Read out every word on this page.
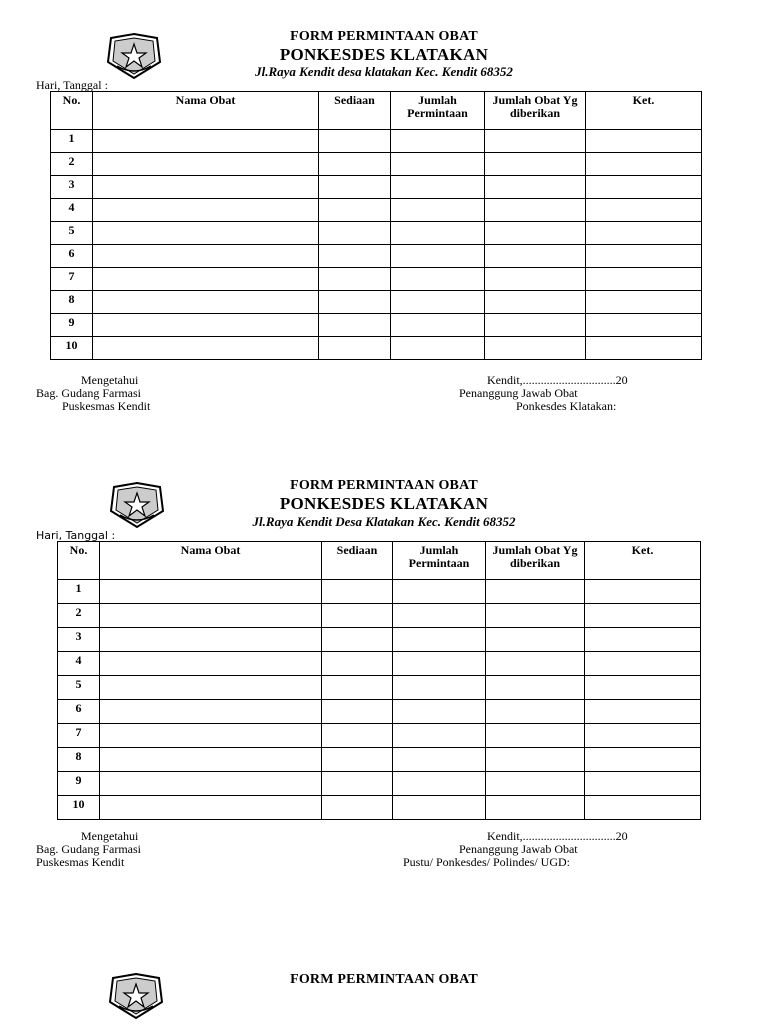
FORM PERMINTAAN OBAT
PONKESDES KLATAKAN
Jl.Raya Kendit desa klatakan Kec. Kendit 68352
Hari, Tanggal :
No.	Nama Obat	Sediaan	Jumlah Permintaan	Jumlah Obat Yg diberikan	Ket.
1					
2					
3					
4					
5					
6					
7					
8					
9					
10					
Mengetahui
Bag. Gudang Farmasi
Puskesmas Kendit
Kendit,...............................20
Penanggung Jawab Obat
Ponkesdes Klatakan:
FORM PERMINTAAN OBAT
PONKESDES KLATAKAN
Jl.Raya Kendit Desa Klatakan Kec. Kendit 68352
Hari, Tanggal :
No.	Nama Obat	Sediaan	Jumlah Permintaan	Jumlah Obat Yg diberikan	Ket.
1					
2					
3					
4					
5					
6					
7					
8					
9					
10					
Mengetahui
Bag. Gudang Farmasi
Puskesmas Kendit
Kendit,...............................20
Penanggung Jawab Obat
Pustu/ Ponkesdes/ Polindes/ UGD:
FORM PERMINTAAN OBAT
